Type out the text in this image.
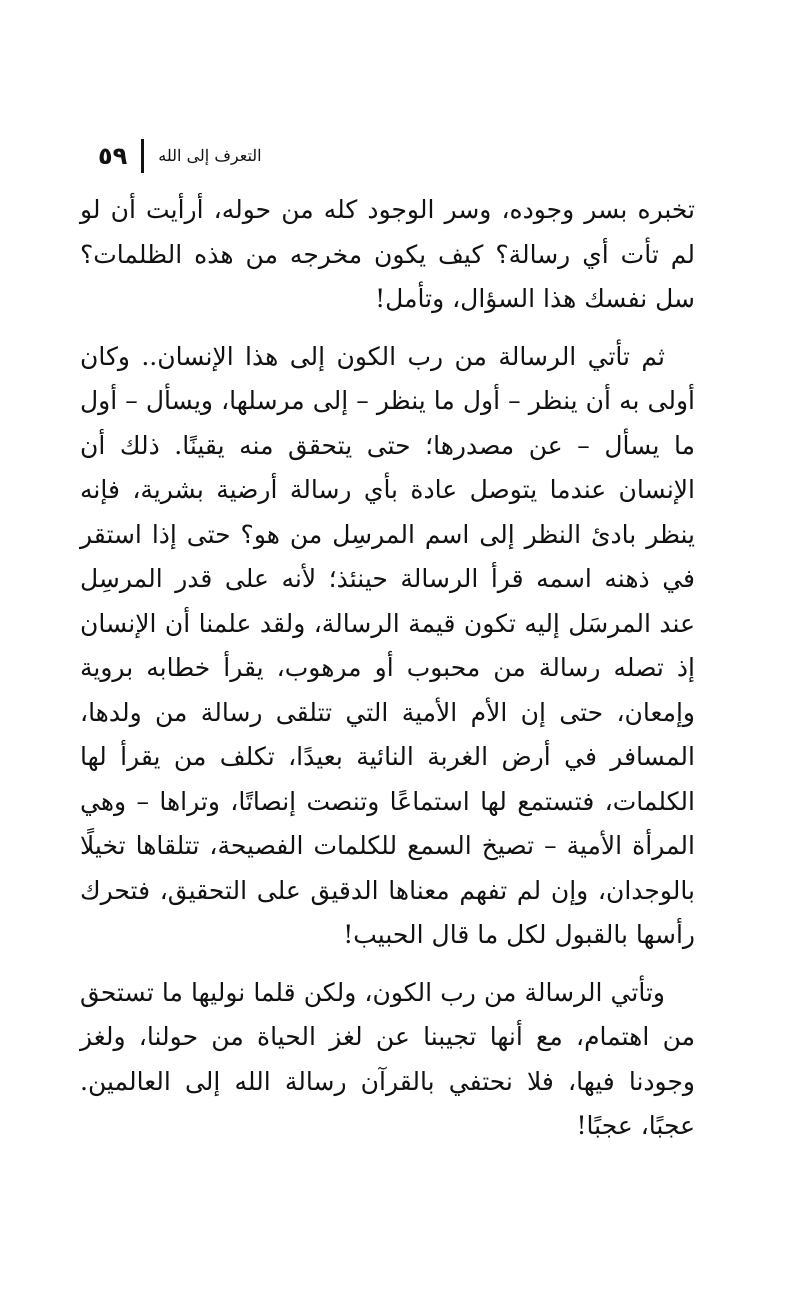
٥٩ التعرف إلى الله

تخبره بسر وجوده، وسر الوجود كله من حوله، أرأيت أن لو لم تأت أي رسالة؟ كيف يكون مخرجه من هذه الظلمات؟ سل نفسك هذا السؤال، وتأمل!

ثم تأتي الرسالة من رب الكون إلى هذا الإنسان.. وكان أولى به أن ينظر – أول ما ينظر – إلى مرسلها، ويسأل – أول ما يسأل – عن مصدرها؛ حتى يتحقق منه يقينًا. ذلك أن الإنسان عندما يتوصل عادة بأي رسالة أرضية بشرية، فإنه ينظر بادئ النظر إلى اسم المرسِل من هو؟ حتى إذا استقر في ذهنه اسمه قرأ الرسالة حينئذ؛ لأنه على قدر المرسِل عند المرسَل إليه تكون قيمة الرسالة، ولقد علمنا أن الإنسان إذ تصله رسالة من محبوب أو مرهوب، يقرأ خطابه بروية وإمعان، حتى إن الأم الأمية التي تتلقى رسالة من ولدها، المسافر في أرض الغربة النائية بعيدًا، تكلف من يقرأ لها الكلمات، فتستمع لها استماعًا وتنصت إنصاتًا، وتراها – وهي المرأة الأمية – تصيخ السمع للكلمات الفصيحة، تتلقاها تخيلًا بالوجدان، وإن لم تفهم معناها الدقيق على التحقيق، فتحرك رأسها بالقبول لكل ما قال الحبيب!

وتأتي الرسالة من رب الكون، ولكن قلما نوليها ما تستحق من اهتمام، مع أنها تجيبنا عن لغز الحياة من حولنا، ولغز وجودنا فيها، فلا نحتفي بالقرآن رسالة الله إلى العالمين. عجبًا، عجبًا!
